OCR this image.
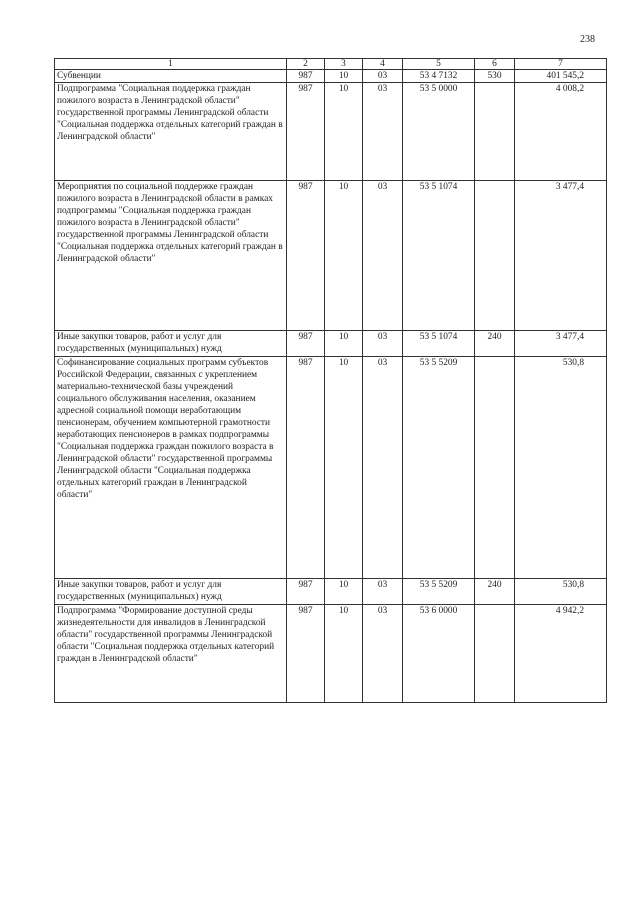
238
1	2	3	4	5	6	7
Субвенции	987	10	03	53 4 7132	530	401 545,2
Подпрограмма "Социальная поддержка граждан пожилого возраста в Ленинградской области" государственной программы Ленинградской области "Социальная поддержка отдельных категорий граждан в Ленинградской области"	987	10	03	53 5 0000		4 008,2
Мероприятия по социальной поддержке граждан пожилого возраста в Ленинградской области в рамках подпрограммы "Социальная поддержка граждан пожилого возраста в Ленинградской области" государственной программы Ленинградской области "Социальная поддержка отдельных категорий граждан в Ленинградской области"	987	10	03	53 5 1074		3 477,4
Иные закупки товаров, работ и услуг для государственных (муниципальных) нужд	987	10	03	53 5 1074	240	3 477,4
Софинансирование социальных программ субъектов Российской Федерации, связанных с укреплением материально-технической базы учреждений социального обслуживания населения, оказанием адресной социальной помощи неработающим пенсионерам, обучением компьютерной грамотности неработающих пенсионеров в рамках подпрограммы "Социальная поддержка граждан пожилого возраста в Ленинградской области" государственной программы Ленинградской области "Социальная поддержка отдельных категорий граждан в Ленинградской области"	987	10	03	53 5 5209		530,8
Иные закупки товаров, работ и услуг для государственных (муниципальных) нужд	987	10	03	53 5 5209	240	530,8
Подпрограмма "Формирование доступной среды жизнедеятельности для инвалидов в Ленинградской области" государственной программы Ленинградской области "Социальная поддержка отдельных категорий граждан в Ленинградской области"	987	10	03	53 6 0000		4 942,2
